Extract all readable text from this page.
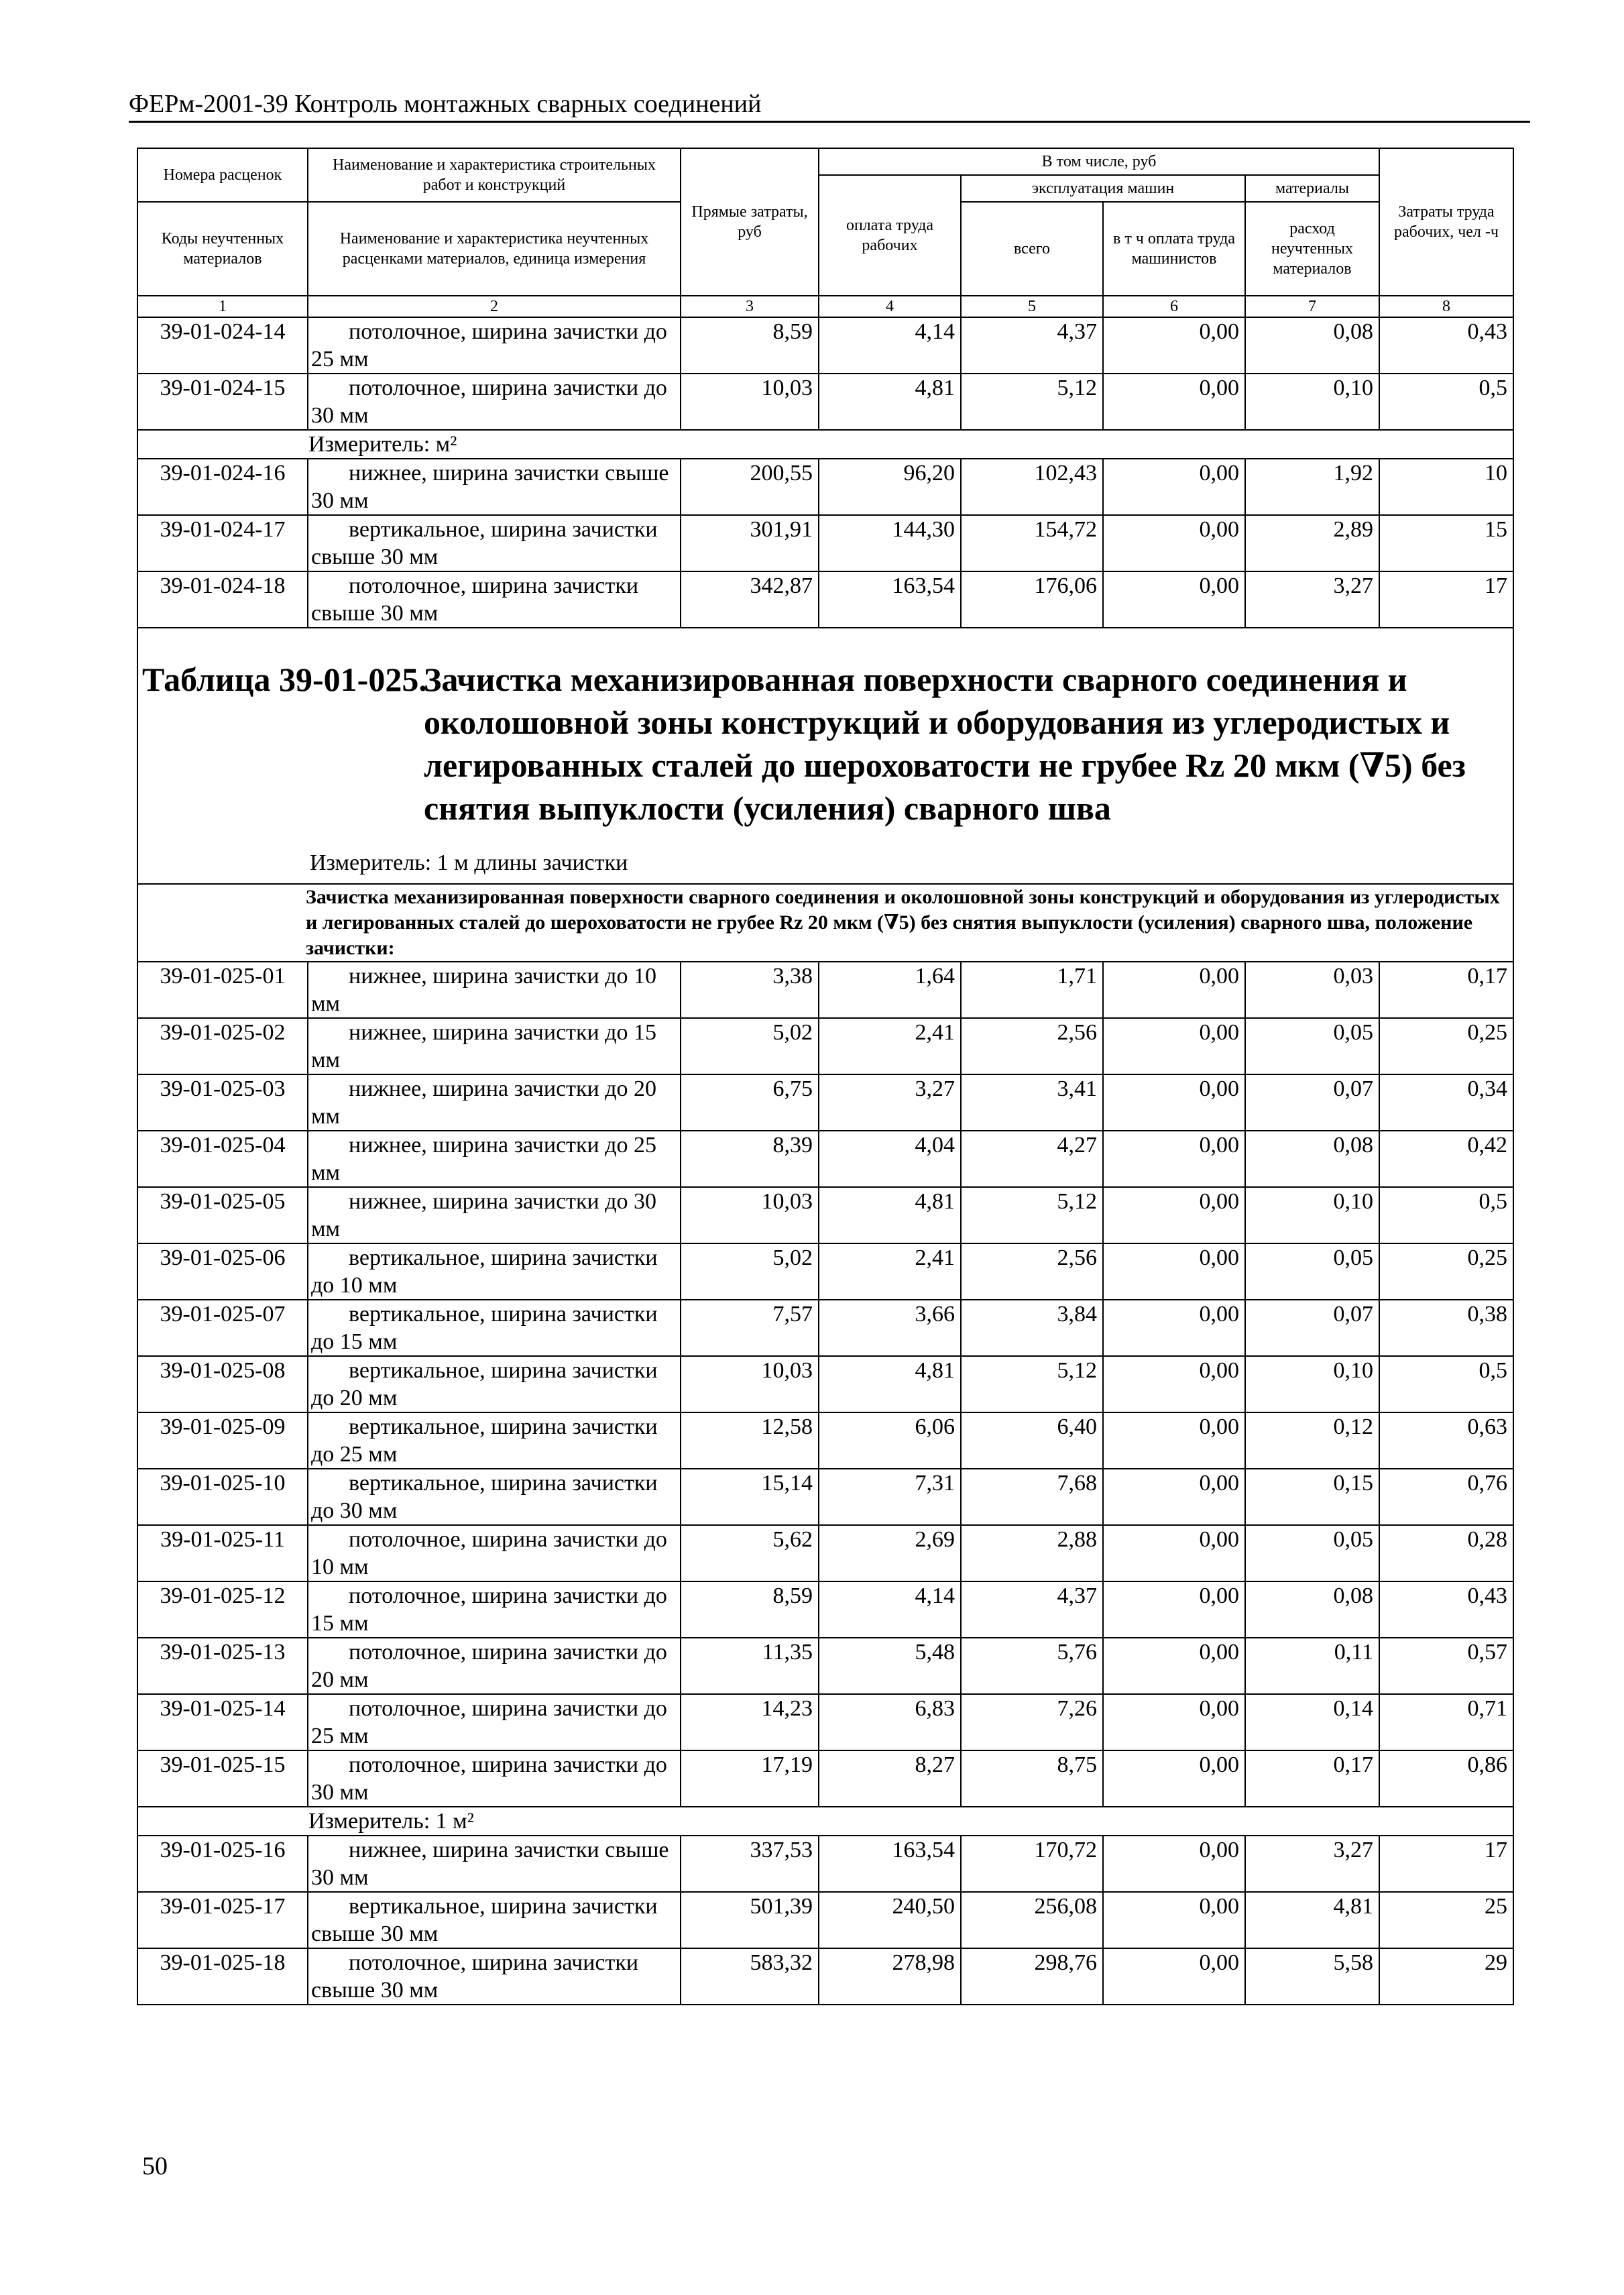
ФЕРм-2001-39 Контроль монтажных сварных соединений
Номера расценок	Наименование и характеристика строительных работ и конструкций	Прямые затраты, руб	В том числе, руб				Затраты труда рабочих, чел -ч
			оплата труда рабочих	эксплуатация машин		материалы	
Коды неучтенных материалов	Наименование и характеристика неучтенных расценками материалов, единица измерения			всего	в т ч оплата труда машинистов	расход неучтенных материалов	

1	2	3	4	5	6	7	8
39-01-024-14	потолочное, ширина зачистки до 25 мм	8,59	4,14	4,37	0,00	0,08	0,43
39-01-024-15	потолочное, ширина зачистки до 30 мм	10,03	4,81	5,12	0,00	0,10	0,5
Измеритель: м²							
39-01-024-16	нижнее, ширина зачистки свыше 30 мм	200,55	96,20	102,43	0,00	1,92	10
39-01-024-17	вертикальное, ширина зачистки свыше 30 мм	301,91	144,30	154,72	0,00	2,89	15
39-01-024-18	потолочное, ширина зачистки свыше 30 мм	342,87	163,54	176,06	0,00	3,27	17

Таблица 39-01-025.
Зачистка механизированная поверхности сварного соединения и околошовной зоны конструкций и оборудования из углеродистых и легированных сталей до шероховатости не грубее Rz 20 мкм (∇5) без снятия выпуклости (усиления) сварного шва
Измеритель: 1 м длины зачистки							

Зачистка механизированная поверхности сварного соединения и околошовной зоны конструкций и оборудования из углеродистых и легированных сталей до шероховатости не грубее Rz 20 мкм (∇5) без снятия выпуклости (усиления) сварного шва, положение зачистки:							
39-01-025-01	нижнее, ширина зачистки до 10 мм	3,38	1,64	1,71	0,00	0,03	0,17
39-01-025-02	нижнее, ширина зачистки до 15 мм	5,02	2,41	2,56	0,00	0,05	0,25
39-01-025-03	нижнее, ширина зачистки до 20 мм	6,75	3,27	3,41	0,00	0,07	0,34
39-01-025-04	нижнее, ширина зачистки до 25 мм	8,39	4,04	4,27	0,00	0,08	0,42
39-01-025-05	нижнее, ширина зачистки до 30 мм	10,03	4,81	5,12	0,00	0,10	0,5
39-01-025-06	вертикальное, ширина зачистки до 10 мм	5,02	2,41	2,56	0,00	0,05	0,25
39-01-025-07	вертикальное, ширина зачистки до 15 мм	7,57	3,66	3,84	0,00	0,07	0,38
39-01-025-08	вертикальное, ширина зачистки до 20 мм	10,03	4,81	5,12	0,00	0,10	0,5
39-01-025-09	вертикальное, ширина зачистки до 25 мм	12,58	6,06	6,40	0,00	0,12	0,63
39-01-025-10	вертикальное, ширина зачистки до 30 мм	15,14	7,31	7,68	0,00	0,15	0,76
39-01-025-11	потолочное, ширина зачистки до 10 мм	5,62	2,69	2,88	0,00	0,05	0,28
39-01-025-12	потолочное, ширина зачистки до 15 мм	8,59	4,14	4,37	0,00	0,08	0,43
39-01-025-13	потолочное, ширина зачистки до 20 мм	11,35	5,48	5,76	0,00	0,11	0,57
39-01-025-14	потолочное, ширина зачистки до 25 мм	14,23	6,83	7,26	0,00	0,14	0,71
39-01-025-15	потолочное, ширина зачистки до 30 мм	17,19	8,27	8,75	0,00	0,17	0,86
Измеритель: 1 м²							
39-01-025-16	нижнее, ширина зачистки свыше 30 мм	337,53	163,54	170,72	0,00	3,27	17
39-01-025-17	вертикальное, ширина зачистки свыше 30 мм	501,39	240,50	256,08	0,00	4,81	25
39-01-025-18	потолочное, ширина зачистки свыше 30 мм	583,32	278,98	298,76	0,00	5,58	29
50
